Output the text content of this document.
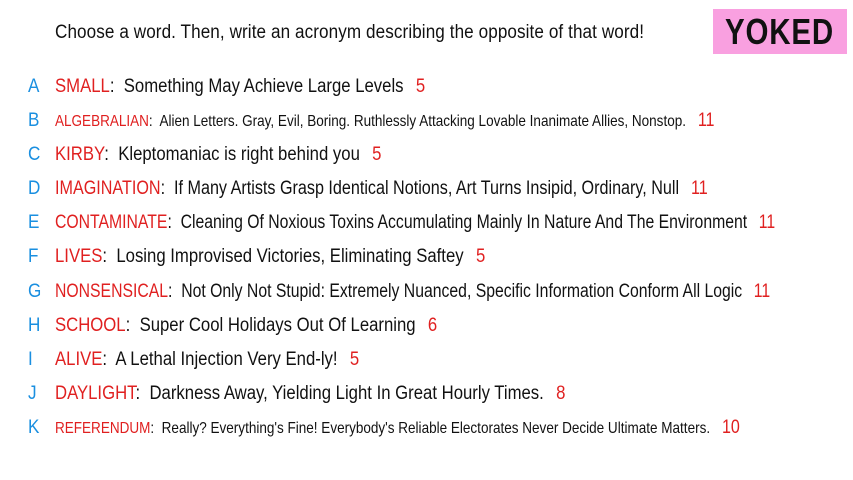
Choose a word. Then, write an acronym describing the opposite of that word! YOKED
A SMALL:  Something May Achieve Large Levels 5
B ALGEBRALIAN:  Alien Letters. Gray, Evil, Boring. Ruthlessly Attacking Lovable Inanimate Allies, Nonstop. 11
C KIRBY:  Kleptomaniac is right behind you 5
D IMAGINATION:  If Many Artists Grasp Identical Notions, Art Turns Insipid, Ordinary, Null 11
E CONTAMINATE:  Cleaning Of Noxious Toxins Accumulating Mainly In Nature And The Environment 11
F LIVES:  Losing Improvised Victories, Eliminating Saftey 5
G NONSENSICAL:  Not Only Not Stupid: Extremely Nuanced, Specific Information Conform All Logic 11
H SCHOOL:  Super Cool Holidays Out Of Learning 6
I	ALIVE:  A Lethal Injection Very End-ly! 5
J DAYLIGHT:  Darkness Away, Yielding Light In Great Hourly Times. 8
K REFERENDUM:  Really? Everything's Fine! Everybody's Reliable Electorates Never Decide Ultimate Matters. 10
